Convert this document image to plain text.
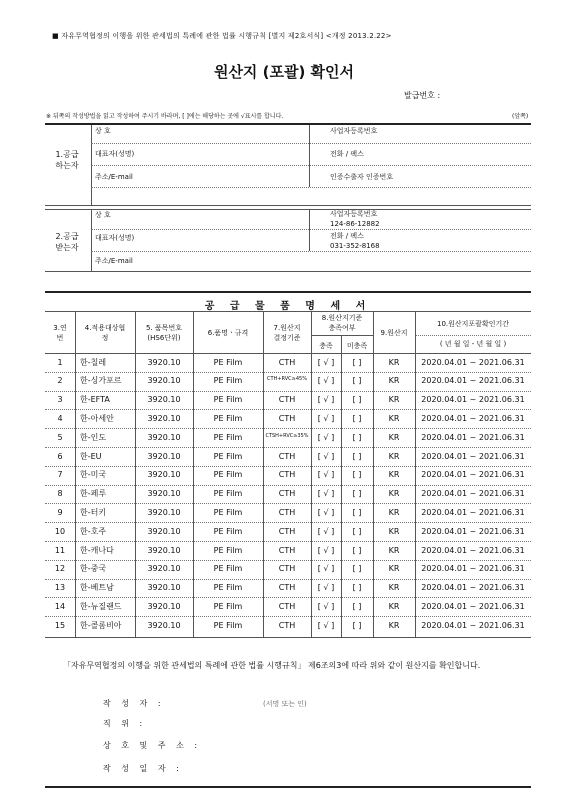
■ 자유무역협정의 이행을 위한 관세법의 특례에 관한 법률 시행규칙 [별지 제2호서식] <개정 2013.2.22>
원산지 (포괄) 확인서
발급번호 :
※ 뒤쪽의 작성방법을 읽고 작성하여 주시기 바라며, [ ]에는 해당하는 곳에 √표시를 합니다.	(앞쪽)
1.공급
하는자
상 호	사업자등록번호
대표자(성명)	전화 / 팩스
주소/E-mail	인증수출자 인증번호
2.공급
받는자
상 호	사업자등록번호
124-86-12882
대표자(성명)	전화 / 팩스
031-352-8168
주소/E-mail
공 급 물 품 명 세 서
3.연
번
4.적용대상협
정
5. 품목번호
(HS6단위)
6.품명ㆍ규격
7.원산지
결정기준
8.원산지기준
충족여부
충족	미충족
9.원산지
10.원산지포괄확인기간
( 년 월 일 - 년 월 일 )
1	한-칠레	3920.10	PE Film	CTH	[ √ ]	[ ]	KR	2020.04.01 ~ 2021.06.31
2	한-싱가포르	3920.10	PE Film	CTH+RVC≥45%	[ √ ]	[ ]	KR	2020.04.01 ~ 2021.06.31
3	한-EFTA	3920.10	PE Film	CTH	[ √ ]	[ ]	KR	2020.04.01 ~ 2021.06.31
4	한-아세안	3920.10	PE Film	CTH	[ √ ]	[ ]	KR	2020.04.01 ~ 2021.06.31
5	한-인도	3920.10	PE Film	CTSH+RVC≥35%	[ √ ]	[ ]	KR	2020.04.01 ~ 2021.06.31
6	한-EU	3920.10	PE Film	CTH	[ √ ]	[ ]	KR	2020.04.01 ~ 2021.06.31
7	한-미국	3920.10	PE Film	CTH	[ √ ]	[ ]	KR	2020.04.01 ~ 2021.06.31
8	한-페루	3920.10	PE Film	CTH	[ √ ]	[ ]	KR	2020.04.01 ~ 2021.06.31
9	한-터키	3920.10	PE Film	CTH	[ √ ]	[ ]	KR	2020.04.01 ~ 2021.06.31
10	한-호주	3920.10	PE Film	CTH	[ √ ]	[ ]	KR	2020.04.01 ~ 2021.06.31
11	한-캐나다	3920.10	PE Film	CTH	[ √ ]	[ ]	KR	2020.04.01 ~ 2021.06.31
12	한-중국	3920.10	PE Film	CTH	[ √ ]	[ ]	KR	2020.04.01 ~ 2021.06.31
13	한-베트남	3920.10	PE Film	CTH	[ √ ]	[ ]	KR	2020.04.01 ~ 2021.06.31
14	한-뉴질랜드	3920.10	PE Film	CTH	[ √ ]	[ ]	KR	2020.04.01 ~ 2021.06.31
15	한-콜롬비아	3920.10	PE Film	CTH	[ √ ]	[ ]	KR	2020.04.01 ~ 2021.06.31
「자유무역협정의 이행을 위한 관세법의 특례에 관한 법률 시행규칙」 제6조의3에 따라 위와 같이 원산지를 확인합니다.
작 성 자 :	(서명 또는 인)
직 위 :
상 호 및 주 소 :
작 성 일 자 :
